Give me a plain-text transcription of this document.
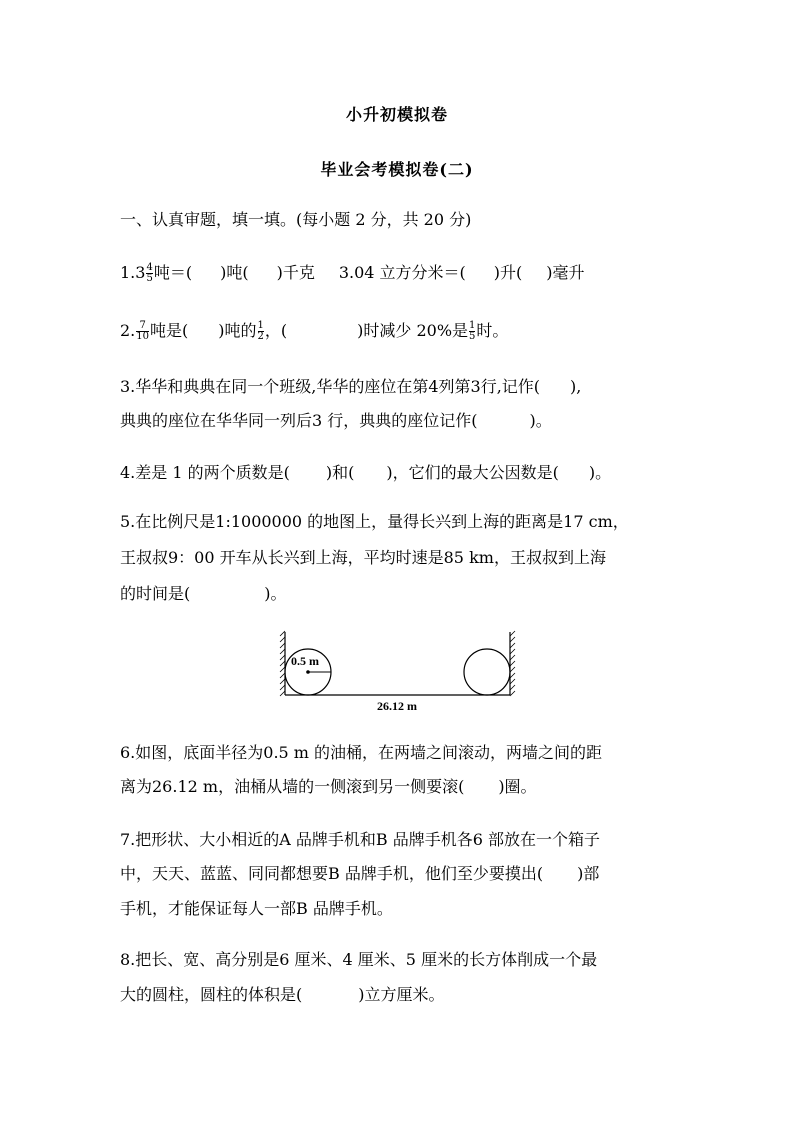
小升初模拟卷
毕业会考模拟卷(二)
一、认真审题，填一填。(每小题 2 分，共 20 分)
$1.3 \frac{4}{5}$ 吨＝( )吨( )千克 3.04 立方分米＝( )升( )毫升
2. $\frac{7}{10}$ 吨是( )吨的 $\frac{1}{2}$ ，(	)时减少 20%是 $\frac{1}{5}$ 时。
3.华华和典典在同一个班级,华华的座位在第4列第3行,记作( ),
典典的座位在华华同一列后3 行，典典的座位记作(	)。
4.差是 1 的两个质数是( )和( )，它们的最大公因数是( )。
5.在比例尺是1:1000000 的地图上，量得长兴到上海的距离是17 cm，
王叔叔9：00 开车从长兴到上海，平均时速是85 km，王叔叔到上海
的时间是(	)。
0.5 m
26.12 m
6.如图，底面半径为0.5 m 的油桶，在两墙之间滚动，两墙之间的距
离为26.12 m，油桶从墙的一侧滚到另一侧要滚( )圈。
7.把形状、大小相近的A 品牌手机和B 品牌手机各6 部放在一个箱子
中，天天、蓝蓝、同同都想要B 品牌手机，他们至少要摸出( )部
手机，才能保证每人一部B 品牌手机。
8.把长、宽、高分别是6 厘米、4 厘米、5 厘米的长方体削成一个最
大的圆柱，圆柱的体积是(	)立方厘米。
